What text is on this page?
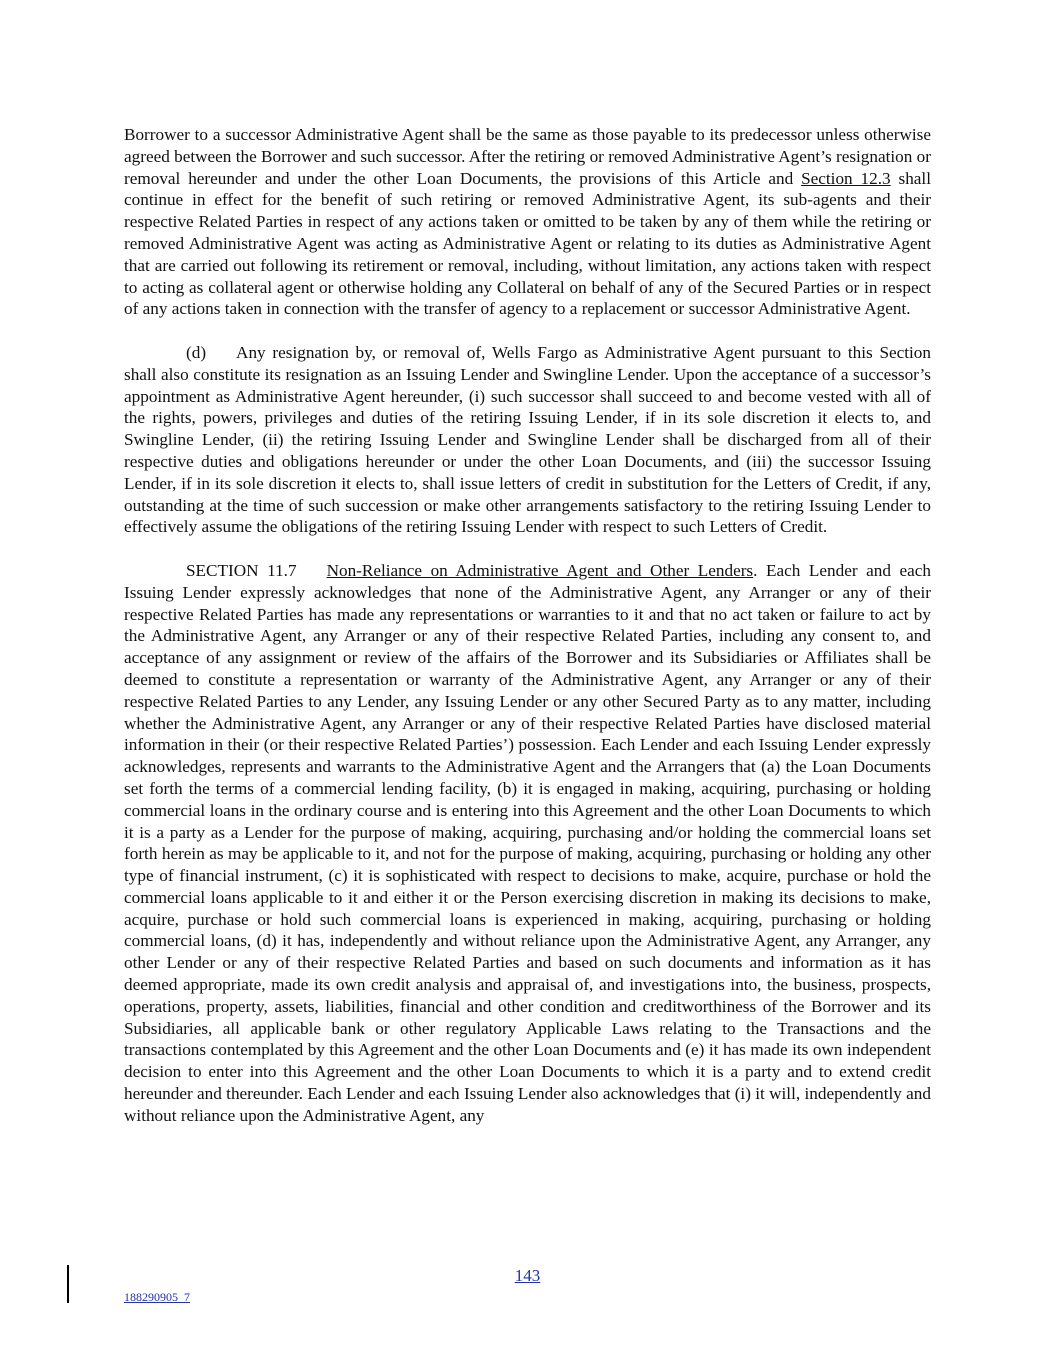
Borrower to a successor Administrative Agent shall be the same as those payable to its predecessor unless otherwise agreed between the Borrower and such successor. After the retiring or removed Administrative Agent’s resignation or removal hereunder and under the other Loan Documents, the provisions of this Article and Section 12.3 shall continue in effect for the benefit of such retiring or removed Administrative Agent, its sub-agents and their respective Related Parties in respect of any actions taken or omitted to be taken by any of them while the retiring or removed Administrative Agent was acting as Administrative Agent or relating to its duties as Administrative Agent that are carried out following its retirement or removal, including, without limitation, any actions taken with respect to acting as collateral agent or otherwise holding any Collateral on behalf of any of the Secured Parties or in respect of any actions taken in connection with the transfer of agency to a replacement or successor Administrative Agent.

(d) Any resignation by, or removal of, Wells Fargo as Administrative Agent pursuant to this Section shall also constitute its resignation as an Issuing Lender and Swingline Lender. Upon the acceptance of a successor’s appointment as Administrative Agent hereunder, (i) such successor shall succeed to and become vested with all of the rights, powers, privileges and duties of the retiring Issuing Lender, if in its sole discretion it elects to, and Swingline Lender, (ii) the retiring Issuing Lender and Swingline Lender shall be discharged from all of their respective duties and obligations hereunder or under the other Loan Documents, and (iii) the successor Issuing Lender, if in its sole discretion it elects to, shall issue letters of credit in substitution for the Letters of Credit, if any, outstanding at the time of such succession or make other arrangements satisfactory to the retiring Issuing Lender to effectively assume the obligations of the retiring Issuing Lender with respect to such Letters of Credit.

SECTION 11.7 Non-Reliance on Administrative Agent and Other Lenders. Each Lender and each Issuing Lender expressly acknowledges that none of the Administrative Agent, any Arranger or any of their respective Related Parties has made any representations or warranties to it and that no act taken or failure to act by the Administrative Agent, any Arranger or any of their respective Related Parties, including any consent to, and acceptance of any assignment or review of the affairs of the Borrower and its Subsidiaries or Affiliates shall be deemed to constitute a representation or warranty of the Administrative Agent, any Arranger or any of their respective Related Parties to any Lender, any Issuing Lender or any other Secured Party as to any matter, including whether the Administrative Agent, any Arranger or any of their respective Related Parties have disclosed material information in their (or their respective Related Parties’) possession. Each Lender and each Issuing Lender expressly acknowledges, represents and warrants to the Administrative Agent and the Arrangers that (a) the Loan Documents set forth the terms of a commercial lending facility, (b) it is engaged in making, acquiring, purchasing or holding commercial loans in the ordinary course and is entering into this Agreement and the other Loan Documents to which it is a party as a Lender for the purpose of making, acquiring, purchasing and/or holding the commercial loans set forth herein as may be applicable to it, and not for the purpose of making, acquiring, purchasing or holding any other type of financial instrument, (c) it is sophisticated with respect to decisions to make, acquire, purchase or hold the commercial loans applicable to it and either it or the Person exercising discretion in making its decisions to make, acquire, purchase or hold such commercial loans is experienced in making, acquiring, purchasing or holding commercial loans, (d) it has, independently and without reliance upon the Administrative Agent, any Arranger, any other Lender or any of their respective Related Parties and based on such documents and information as it has deemed appropriate, made its own credit analysis and appraisal of, and investigations into, the business, prospects, operations, property, assets, liabilities, financial and other condition and creditworthiness of the Borrower and its Subsidiaries, all applicable bank or other regulatory Applicable Laws relating to the Transactions and the transactions contemplated by this Agreement and the other Loan Documents and (e) it has made its own independent decision to enter into this Agreement and the other Loan Documents to which it is a party and to extend credit hereunder and thereunder. Each Lender and each Issuing Lender also acknowledges that (i) it will, independently and without reliance upon the Administrative Agent, any

143
188290905_7
